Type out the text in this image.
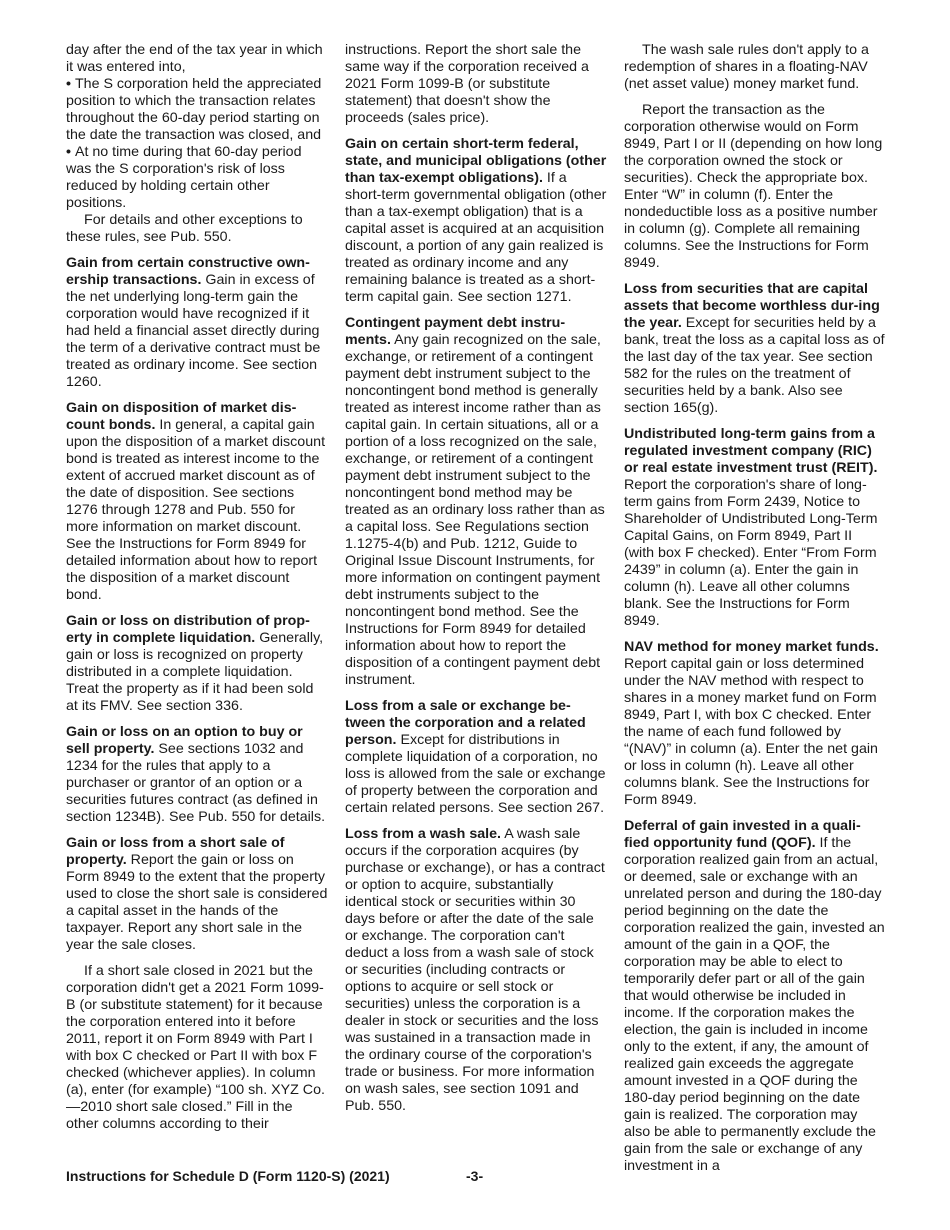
day after the end of the tax year in which it was entered into,

• The S corporation held the appreciated position to which the transaction relates throughout the 60-day period starting on the date the transaction was closed, and

• At no time during that 60-day period was the S corporation's risk of loss reduced by holding certain other positions.

For details and other exceptions to these rules, see Pub. 550.

Gain from certain constructive own-ership transactions. Gain in excess of the net underlying long-term gain the corporation would have recognized if it had held a financial asset directly during the term of a derivative contract must be treated as ordinary income. See section 1260.

Gain on disposition of market dis-count bonds. In general, a capital gain upon the disposition of a market discount bond is treated as interest income to the extent of accrued market discount as of the date of disposition. See sections 1276 through 1278 and Pub. 550 for more information on market discount. See the Instructions for Form 8949 for detailed information about how to report the disposition of a market discount bond.

Gain or loss on distribution of prop-erty in complete liquidation. Generally, gain or loss is recognized on property distributed in a complete liquidation. Treat the property as if it had been sold at its FMV. See section 336.

Gain or loss on an option to buy or sell property. See sections 1032 and 1234 for the rules that apply to a purchaser or grantor of an option or a securities futures contract (as defined in section 1234B). See Pub. 550 for details.

Gain or loss from a short sale of property. Report the gain or loss on Form 8949 to the extent that the property used to close the short sale is considered a capital asset in the hands of the taxpayer. Report any short sale in the year the sale closes.

If a short sale closed in 2021 but the corporation didn't get a 2021 Form 1099-B (or substitute statement) for it because the corporation entered into it before 2011, report it on Form 8949 with Part I with box C checked or Part II with box F checked (whichever applies). In column (a), enter (for example) “100 sh. XYZ Co.—2010 short sale closed.” Fill in the other columns according to their

instructions. Report the short sale the same way if the corporation received a 2021 Form 1099-B (or substitute statement) that doesn't show the proceeds (sales price).

Gain on certain short-term federal, state, and municipal obligations (other than tax-exempt obligations). If a short-term governmental obligation (other than a tax-exempt obligation) that is a capital asset is acquired at an acquisition discount, a portion of any gain realized is treated as ordinary income and any remaining balance is treated as a short-term capital gain. See section 1271.

Contingent payment debt instru-ments. Any gain recognized on the sale, exchange, or retirement of a contingent payment debt instrument subject to the noncontingent bond method is generally treated as interest income rather than as capital gain. In certain situations, all or a portion of a loss recognized on the sale, exchange, or retirement of a contingent payment debt instrument subject to the noncontingent bond method may be treated as an ordinary loss rather than as a capital loss. See Regulations section 1.1275-4(b) and Pub. 1212, Guide to Original Issue Discount Instruments, for more information on contingent payment debt instruments subject to the noncontingent bond method. See the Instructions for Form 8949 for detailed information about how to report the disposition of a contingent payment debt instrument.

Loss from a sale or exchange be-tween the corporation and a related person. Except for distributions in complete liquidation of a corporation, no loss is allowed from the sale or exchange of property between the corporation and certain related persons. See section 267.

Loss from a wash sale. A wash sale occurs if the corporation acquires (by purchase or exchange), or has a contract or option to acquire, substantially identical stock or securities within 30 days before or after the date of the sale or exchange. The corporation can't deduct a loss from a wash sale of stock or securities (including contracts or options to acquire or sell stock or securities) unless the corporation is a dealer in stock or securities and the loss was sustained in a transaction made in the ordinary course of the corporation's trade or business. For more information on wash sales, see section 1091 and Pub. 550.

The wash sale rules don't apply to a redemption of shares in a floating-NAV (net asset value) money market fund.

Report the transaction as the corporation otherwise would on Form 8949, Part I or II (depending on how long the corporation owned the stock or securities). Check the appropriate box. Enter “W” in column (f). Enter the nondeductible loss as a positive number in column (g). Complete all remaining columns. See the Instructions for Form 8949.

Loss from securities that are capital assets that become worthless dur-ing the year. Except for securities held by a bank, treat the loss as a capital loss as of the last day of the tax year. See section 582 for the rules on the treatment of securities held by a bank. Also see section 165(g).

Undistributed long-term gains from a regulated investment company (RIC) or real estate investment trust (REIT). Report the corporation's share of long-term gains from Form 2439, Notice to Shareholder of Undistributed Long-Term Capital Gains, on Form 8949, Part II (with box F checked). Enter “From Form 2439” in column (a). Enter the gain in column (h). Leave all other columns blank. See the Instructions for Form 8949.

NAV method for money market funds. Report capital gain or loss determined under the NAV method with respect to shares in a money market fund on Form 8949, Part I, with box C checked. Enter the name of each fund followed by “(NAV)” in column (a). Enter the net gain or loss in column (h). Leave all other columns blank. See the Instructions for Form 8949.

Deferral of gain invested in a quali-fied opportunity fund (QOF). If the corporation realized gain from an actual, or deemed, sale or exchange with an unrelated person and during the 180-day period beginning on the date the corporation realized the gain, invested an amount of the gain in a QOF, the corporation may be able to elect to temporarily defer part or all of the gain that would otherwise be included in income. If the corporation makes the election, the gain is included in income only to the extent, if any, the amount of realized gain exceeds the aggregate amount invested in a QOF during the 180-day period beginning on the date gain is realized. The corporation may also be able to permanently exclude the gain from the sale or exchange of any investment in a

Instructions for Schedule D (Form 1120-S) (2021)	-3-
